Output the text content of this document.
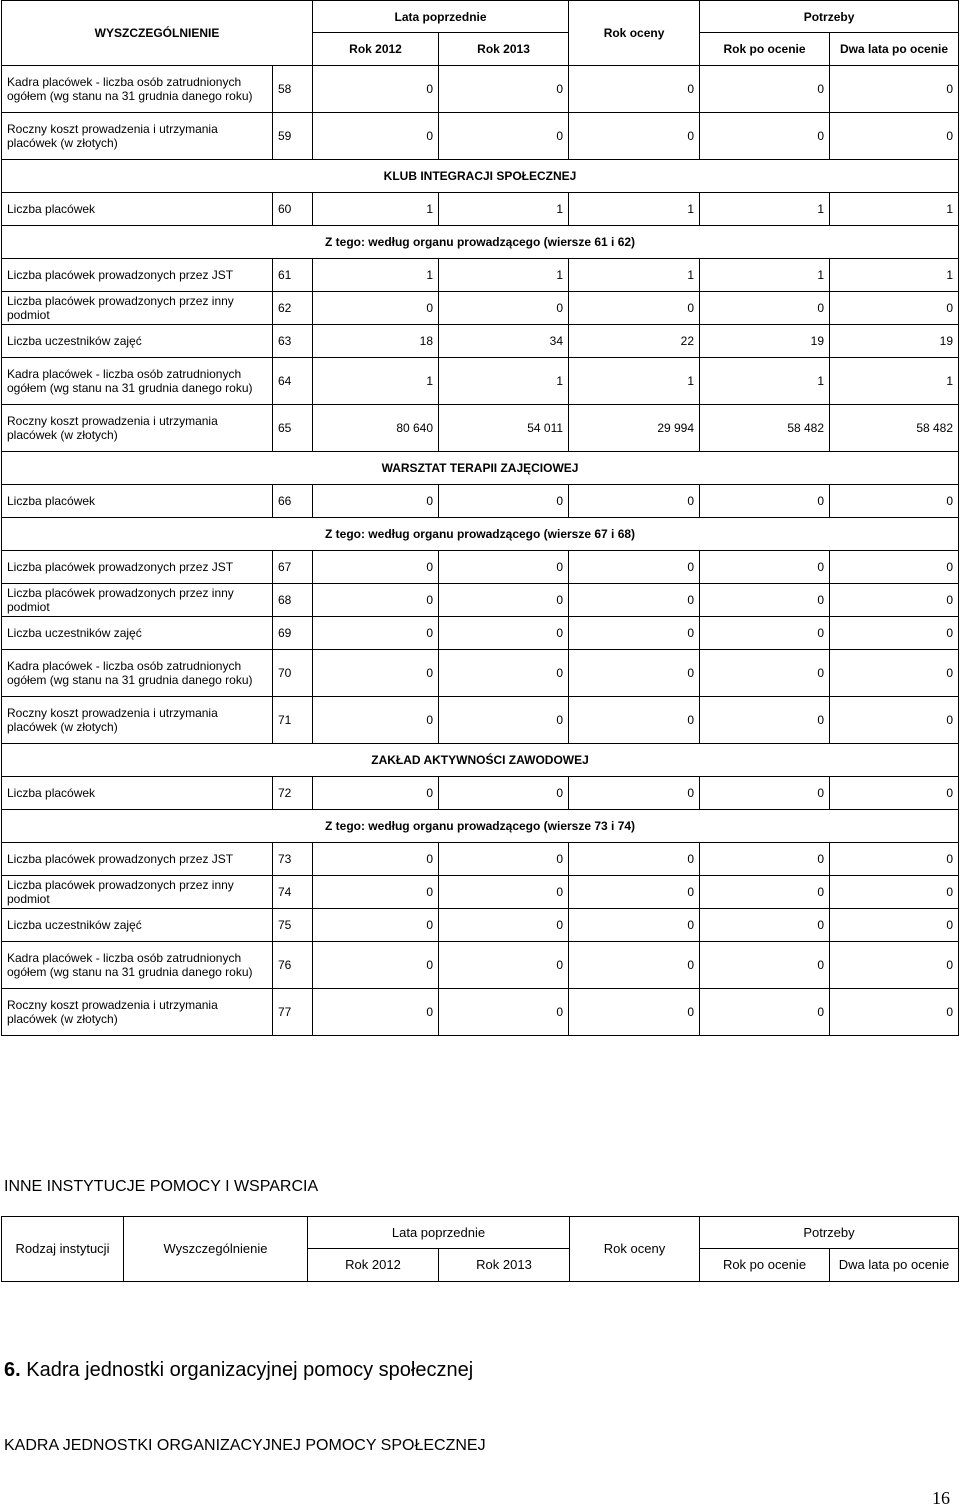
WYSZCZEGÓLNIENIE		Lata poprzednie		Rok oceny	Potrzeby	
		Rok 2012	Rok 2013		Rok po ocenie	Dwa lata po ocenie
Kadra placówek - liczba osób zatrudnionych ogółem (wg stanu na 31 grudnia danego roku)	58	0	0	0	0	0
Roczny koszt prowadzenia i utrzymania placówek (w złotych)	59	0	0	0	0	0
KLUB INTEGRACJI SPOŁECZNEJ						
Liczba placówek	60	1	1	1	1	1
Z tego: według organu prowadzącego (wiersze 61 i 62)						
Liczba placówek prowadzonych przez JST	61	1	1	1	1	1
Liczba placówek prowadzonych przez inny podmiot	62	0	0	0	0	0
Liczba uczestników zajęć	63	18	34	22	19	19
Kadra placówek - liczba osób zatrudnionych ogółem (wg stanu na 31 grudnia danego roku)	64	1	1	1	1	1
Roczny koszt prowadzenia i utrzymania placówek (w złotych)	65	80 640	54 011	29 994	58 482	58 482
WARSZTAT TERAPII ZAJĘCIOWEJ						
Liczba placówek	66	0	0	0	0	0
Z tego: według organu prowadzącego (wiersze 67 i 68)						
Liczba placówek prowadzonych przez JST	67	0	0	0	0	0
Liczba placówek prowadzonych przez inny podmiot	68	0	0	0	0	0
Liczba uczestników zajęć	69	0	0	0	0	0
Kadra placówek - liczba osób zatrudnionych ogółem (wg stanu na 31 grudnia danego roku)	70	0	0	0	0	0
Roczny koszt prowadzenia i utrzymania placówek (w złotych)	71	0	0	0	0	0
ZAKŁAD AKTYWNOŚCI ZAWODOWEJ						
Liczba placówek	72	0	0	0	0	0
Z tego: według organu prowadzącego (wiersze 73 i 74)						
Liczba placówek prowadzonych przez JST	73	0	0	0	0	0
Liczba placówek prowadzonych przez inny podmiot	74	0	0	0	0	0
Liczba uczestników zajęć	75	0	0	0	0	0
Kadra placówek - liczba osób zatrudnionych ogółem (wg stanu na 31 grudnia danego roku)	76	0	0	0	0	0
Roczny koszt prowadzenia i utrzymania placówek (w złotych)	77	0	0	0	0	0
INNE INSTYTUCJE POMOCY I WSPARCIA
Rodzaj instytucji	Wyszczególnienie	Lata poprzednie		Rok oceny	Potrzeby	
		Rok 2012	Rok 2013		Rok po ocenie	Dwa lata po ocenie
6. Kadra jednostki organizacyjnej pomocy społecznej
KADRA JEDNOSTKI ORGANIZACYJNEJ POMOCY SPOŁECZNEJ
16
